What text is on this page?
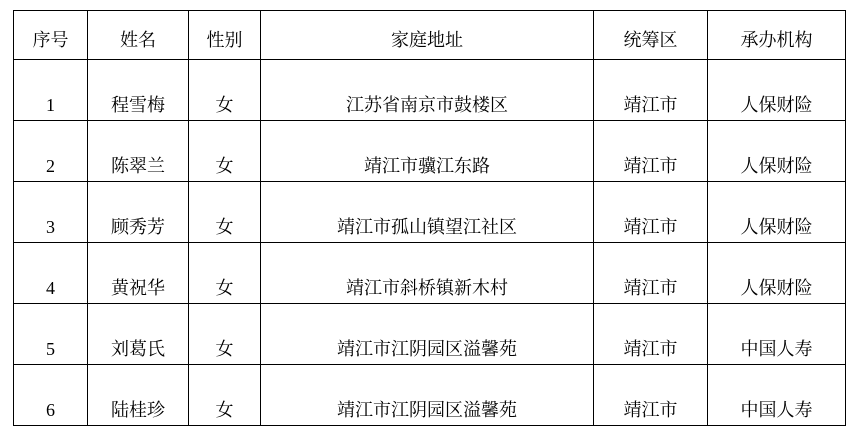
序号	姓名	性别	家庭地址	统筹区	承办机构
1	程雪梅	女	江苏省南京市鼓楼区	靖江市	人保财险
2	陈翠兰	女	靖江市骥江东路	靖江市	人保财险
3	顾秀芳	女	靖江市孤山镇望江社区	靖江市	人保财险
4	黄祝华	女	靖江市斜桥镇新木村	靖江市	人保财险
5	刘葛氏	女	靖江市江阴园区溢馨苑	靖江市	中国人寿
6	陆桂珍	女	靖江市江阴园区溢馨苑	靖江市	中国人寿
